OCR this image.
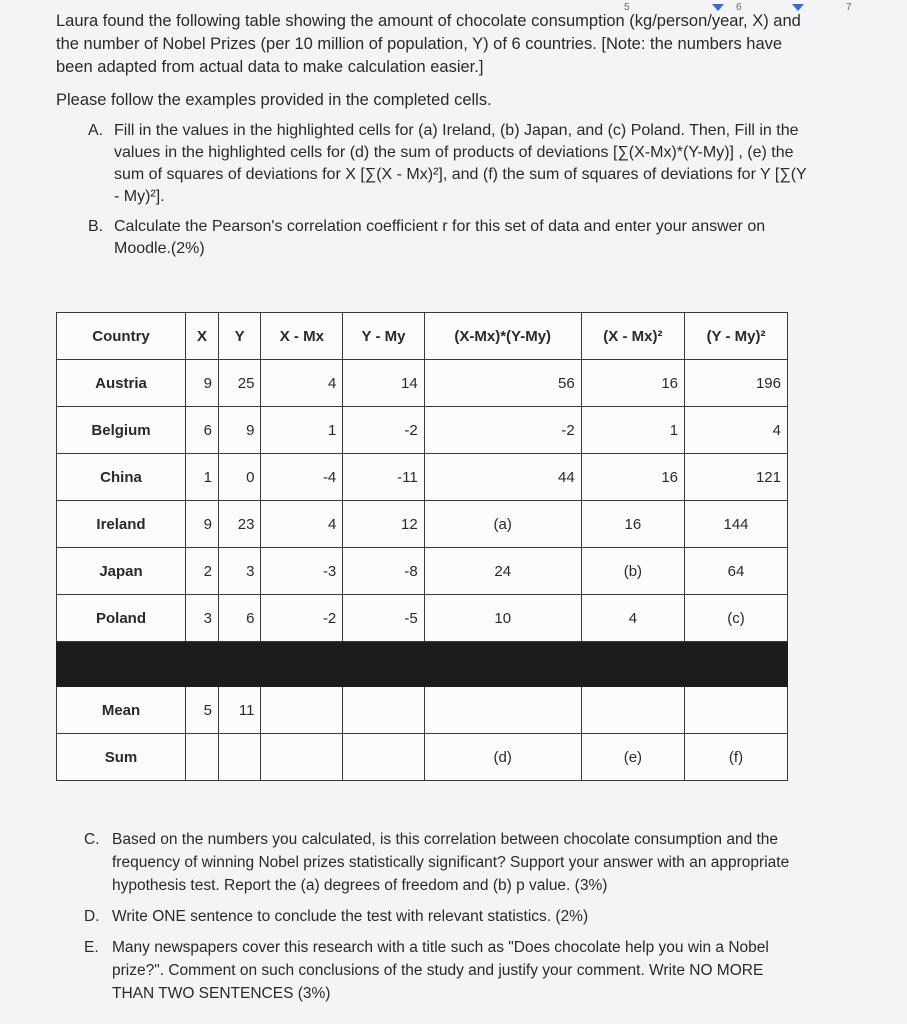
5	6	7

Laura found the following table showing the amount of chocolate consumption (kg/person/year, X) and the number of Nobel Prizes (per 10 million of population, Y) of 6 countries. [Note: the numbers have been adapted from actual data to make calculation easier.]

Please follow the examples provided in the completed cells.

A. Fill in the values in the highlighted cells for (a) Ireland, (b) Japan, and (c) Poland. Then, Fill in the values in the highlighted cells for (d) the sum of products of deviations [∑(X-Mx)*(Y-My)] , (e) the sum of squares of deviations for X [∑(X - Mx)²], and (f) the sum of squares of deviations for Y [∑(Y - My)²].
B. Calculate the Pearson's correlation coefficient r for this set of data and enter your answer on Moodle.(2%)
Country	X	Y	X - Mx	Y - My	(X-Mx)*(Y-My)	(X - Mx)²	(Y - My)²
Austria	9	25	4	14	56	16	196
Belgium	6	9	1	-2	-2	1	4
China	1	0	-4	-11	44	16	121
Ireland	9	23	4	12	(a)	16	144
Japan	2	3	-3	-8	24	(b)	64
Poland	3	6	-2	-5	10	4	(c)

Mean	5	11					
Sum					(d)	(e)	(f)
C. Based on the numbers you calculated, is this correlation between chocolate consumption and the frequency of winning Nobel prizes statistically significant? Support your answer with an appropriate hypothesis test. Report the (a) degrees of freedom and (b) p value. (3%)
D. Write ONE sentence to conclude the test with relevant statistics. (2%)
E. Many newspapers cover this research with a title such as "Does chocolate help you win a Nobel prize?". Comment on such conclusions of the study and justify your comment. Write NO MORE THAN TWO SENTENCES (3%)
